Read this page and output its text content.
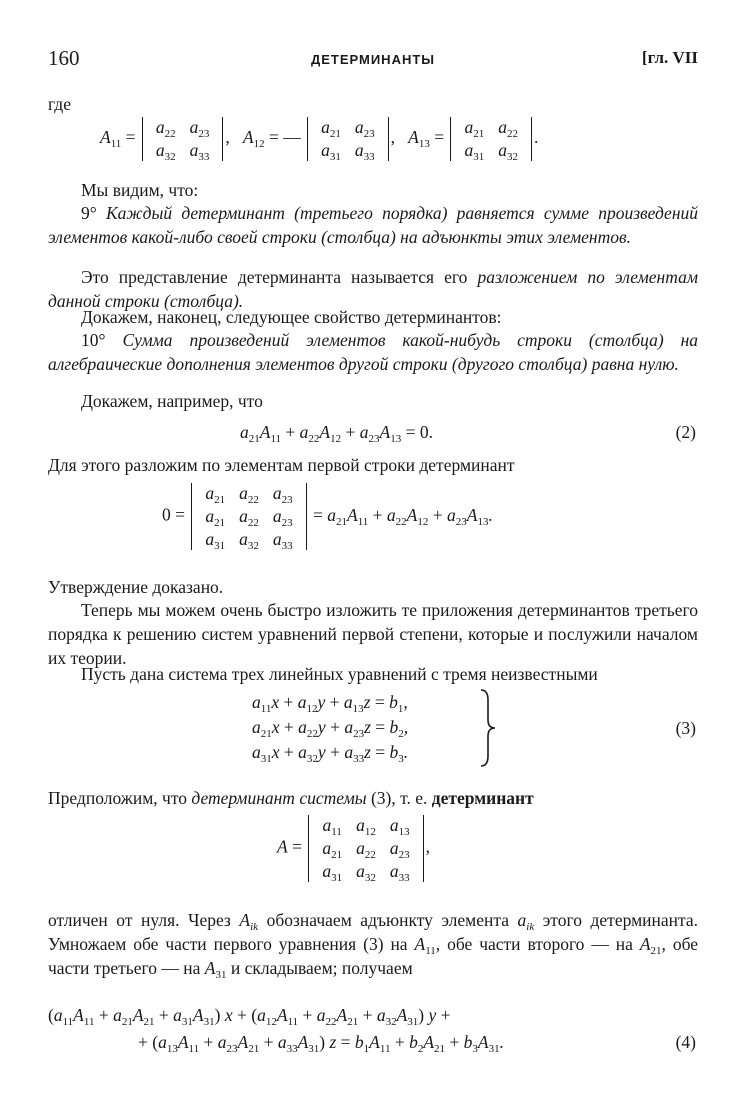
160	ДЕТЕРМИНАНТЫ	[гл. VII
где
$A_{11}$ =
$a_{22}$	$a_{23}$
$a_{32}$	$a_{33}$
,   $A_{12}$ = —
$a_{21}$	$a_{23}$
$a_{31}$	$a_{33}$
,   $A_{13}$ =
$a_{21}$	$a_{22}$
$a_{31}$	$a_{32}$
.
Мы видим, что:
9° Каждый детерминант (третьего порядка) равняется сумме произведений элементов какой-либо своей строки (столбца) на адъюнкты этих элементов.
Это представление детерминанта называется его разложением по элементам данной строки (столбца).
Докажем, наконец, следующее свойство детерминантов:
10° Сумма произведений элементов какой-нибудь строки (столбца) на алгебраические дополнения элементов другой строки (другого столбца) равна нулю.
Докажем, например, что
$a_{21}A_{11} + a_{22}A_{12} + a_{23}A_{13} = 0$.	(2)
Для этого разложим по элементам первой строки детерминант
0 =
$a_{21}$	$a_{22}$	$a_{23}$
$a_{21}$	$a_{22}$	$a_{23}$
$a_{31}$	$a_{32}$	$a_{33}$
= $a_{21}A_{11} + a_{22}A_{12} + a_{23}A_{13}$.
Утверждение доказано.
Теперь мы можем очень быстро изложить те приложения детерминантов третьего порядка к решению систем уравнений первой степени, которые и послужили началом их теории.
Пусть дана система трех линейных уравнений с тремя неизвестными
$a_{11}x + a_{12}y + a_{13}z = b_1$,
$a_{21}x + a_{22}y + a_{23}z = b_2$,
$a_{31}x + a_{32}y + a_{33}z = b_3$.
(3)
Предположим, что детерминант системы (3), т. е. детерминант
A =
$a_{11}$	$a_{12}$	$a_{13}$
$a_{21}$	$a_{22}$	$a_{23}$
$a_{31}$	$a_{32}$	$a_{33}$
,
отличен от нуля. Через $A_{ik}$ обозначаем адъюнкту элемента $a_{ik}$ этого детерминанта. Умножаем обе части первого уравнения (3) на $A_{11}$, обе части второго — на $A_{21}$, обе части третьего — на $A_{31}$ и складываем; получаем
$(a_{11}A_{11} + a_{21}A_{21} + a_{31}A_{31}) x + (a_{12}A_{11} + a_{22}A_{21} + a_{32}A_{31}) y$ +
+ $(a_{13}A_{11} + a_{23}A_{21} + a_{33}A_{31}) z = b_1A_{11} + b_2A_{21} + b_3A_{31}$.	(4)
